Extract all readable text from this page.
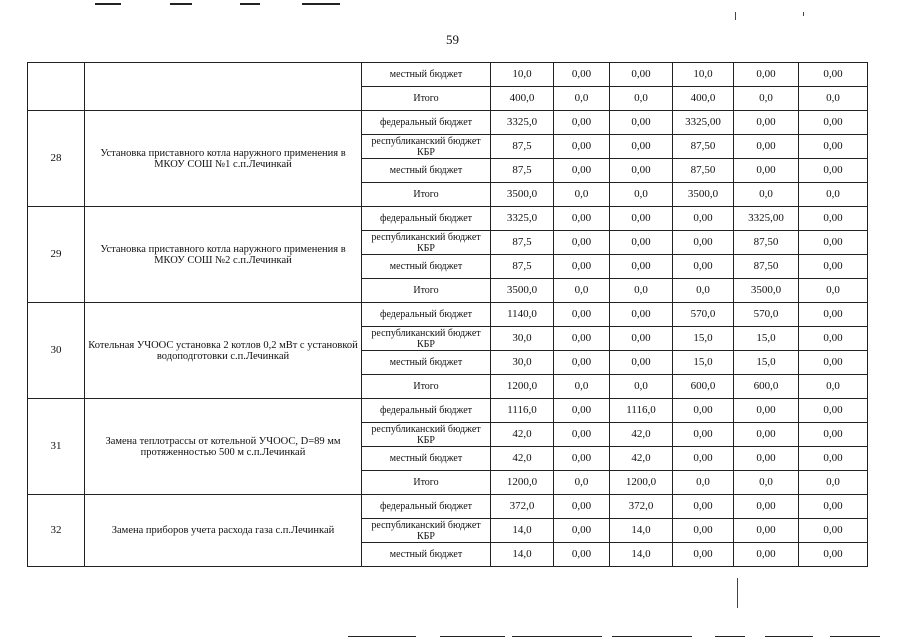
59
		местный бюджет	10,0	0,00	0,00	10,0	0,00	0,00
		Итого	400,0	0,0	0,0	400,0	0,0	0,0
28	Установка приставного котла наружного применения в МКОУ СОШ №1 с.п.Лечинкай	федеральный бюджет	3325,0	0,00	0,00	3325,00	0,00	0,00
		республиканский бюджет КБР	87,5	0,00	0,00	87,50	0,00	0,00
		местный бюджет	87,5	0,00	0,00	87,50	0,00	0,00
		Итого	3500,0	0,0	0,0	3500,0	0,0	0,0
29	Установка приставного котла наружного применения в МКОУ СОШ №2 с.п.Лечинкай	федеральный бюджет	3325,0	0,00	0,00	0,00	3325,00	0,00
		республиканский бюджет КБР	87,5	0,00	0,00	0,00	87,50	0,00
		местный бюджет	87,5	0,00	0,00	0,00	87,50	0,00
		Итого	3500,0	0,0	0,0	0,0	3500,0	0,0
30	Котельная УЧООС установка 2 котлов 0,2 мВт с установкой водоподготовки с.п.Лечинкай	федеральный бюджет	1140,0	0,00	0,00	570,0	570,0	0,00
		республиканский бюджет КБР	30,0	0,00	0,00	15,0	15,0	0,00
		местный бюджет	30,0	0,00	0,00	15,0	15,0	0,00
		Итого	1200,0	0,0	0,0	600,0	600,0	0,0
31	Замена теплотрассы от котельной УЧООС, D=89 мм протяженностью 500 м с.п.Лечинкай	федеральный бюджет	1116,0	0,00	1116,0	0,00	0,00	0,00
		республиканский бюджет КБР	42,0	0,00	42,0	0,00	0,00	0,00
		местный бюджет	42,0	0,00	42,0	0,00	0,00	0,00
		Итого	1200,0	0,0	1200,0	0,0	0,0	0,0
32	Замена приборов учета расхода газа с.п.Лечинкай	федеральный бюджет	372,0	0,00	372,0	0,00	0,00	0,00
		республиканский бюджет КБР	14,0	0,00	14,0	0,00	0,00	0,00
		местный бюджет	14,0	0,00	14,0	0,00	0,00	0,00
